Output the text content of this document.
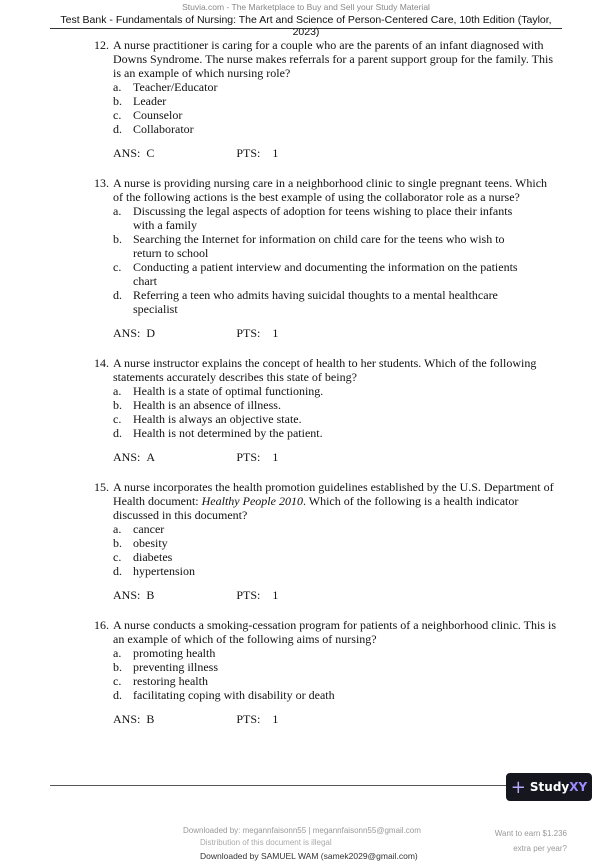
Stuvia.com - The Marketplace to Buy and Sell your Study Material
Test Bank - Fundamentals of Nursing: The Art and Science of Person-Centered Care, 10th Edition (Taylor, 2023)
12. A nurse practitioner is caring for a couple who are the parents of an infant diagnosed with Downs Syndrome. The nurse makes referrals for a parent support group for the family. This is an example of which nursing role?
a. Teacher/Educator
b. Leader
c. Counselor
d. Collaborator
ANS:
C	PTS:
1
13. A nurse is providing nursing care in a neighborhood clinic to single pregnant teens. Which of the following actions is the best example of using the collaborator role as a nurse?
a. Discussing the legal aspects of adoption for teens wishing to place their infants with a family
b. Searching the Internet for information on child care for the teens who wish to return to school
c. Conducting a patient interview and documenting the information on the patients chart
d. Referring a teen who admits having suicidal thoughts to a mental healthcare specialist
ANS:
D	PTS:
1
14. A nurse instructor explains the concept of health to her students. Which of the following statements accurately describes this state of being?
a. Health is a state of optimal functioning.
b. Health is an absence of illness.
c. Health is always an objective state.
d. Health is not determined by the patient.
ANS:
A	PTS:
1
15. A nurse incorporates the health promotion guidelines established by the U.S. Department of Health document: Healthy People 2010. Which of the following is a health indicator discussed in this document?
a. cancer
b. obesity
c. diabetes
d. hypertension
ANS:
B	PTS:
1
16. A nurse conducts a smoking-cessation program for patients of a neighborhood clinic. This is an example of which of the following aims of nursing?
a. promoting health
b. preventing illness
c. restoring health
d. facilitating coping with disability or death
ANS:
B	PTS:
1
+ StudyXY
Downloaded by: megannfaisonn55 | megannfaisonn55@gmail.com
Distribution of this document is illegal
Downloaded by SAMUEL WAM (samek2029@gmail.com)
Want to earn $1.236
extra per year?
